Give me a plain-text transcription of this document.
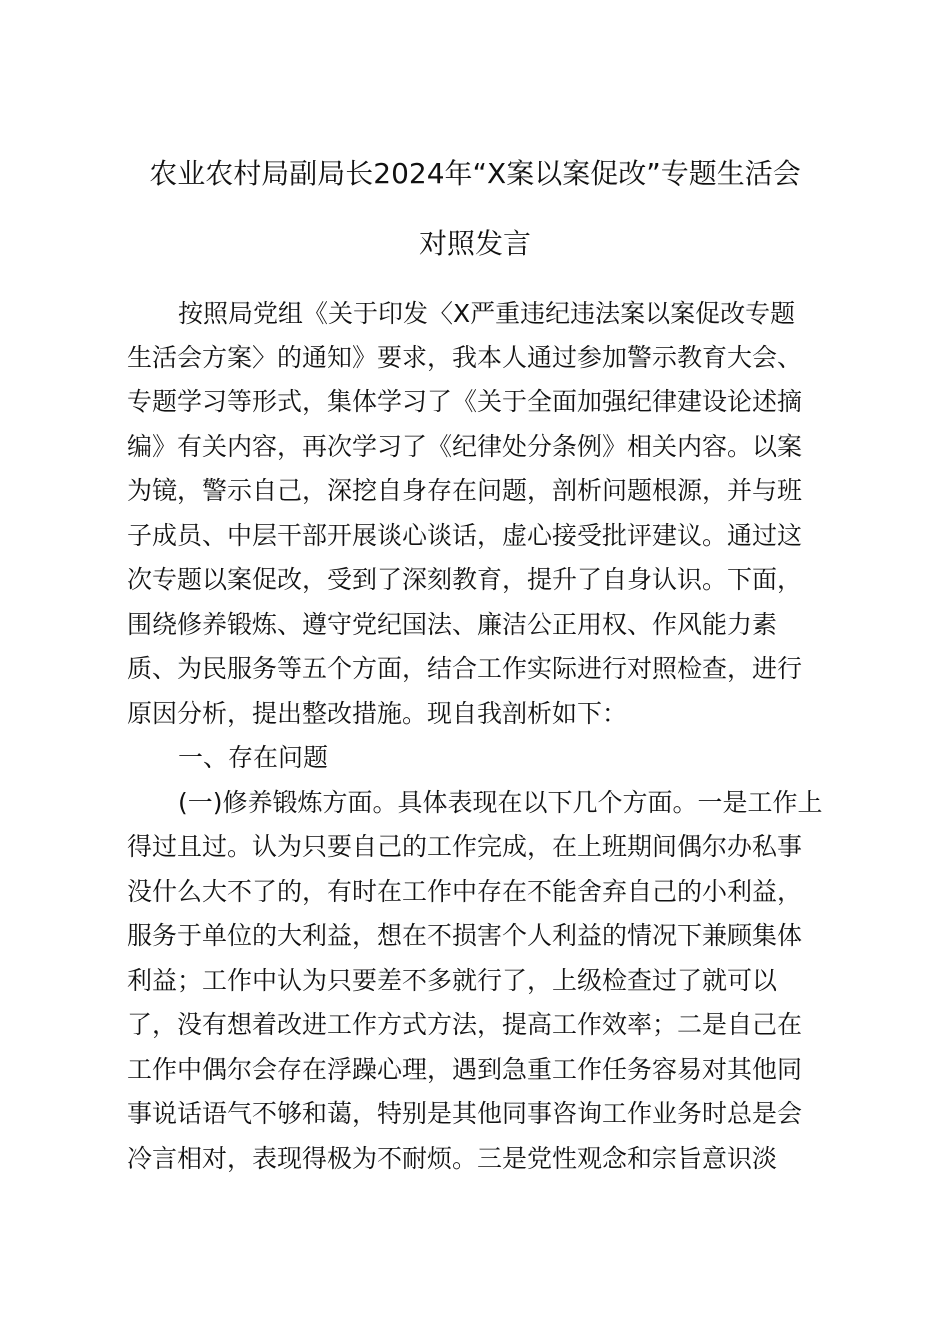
农业农村局副局长2024年“X案以案促改”专题生活会
对照发言

按照局党组《关于印发〈X严重违纪违法案以案促改专题

生活会方案〉的通知》要求，我本人通过参加警示教育大会、

专题学习等形式，集体学习了《关于全面加强纪律建设论述摘

编》有关内容，再次学习了《纪律处分条例》相关内容。以案

为镜，警示自己，深挖自身存在问题，剖析问题根源，并与班

子成员、中层干部开展谈心谈话，虚心接受批评建议。通过这

次专题以案促改，受到了深刻教育，提升了自身认识。下面，

围绕修养锻炼、遵守党纪国法、廉洁公正用权、作风能力素

质、为民服务等五个方面，结合工作实际进行对照检查，进行

原因分析，提出整改措施。现自我剖析如下：

一、存在问题

(一)修养锻炼方面。具体表现在以下几个方面。一是工作上

得过且过。认为只要自己的工作完成，在上班期间偶尔办私事

没什么大不了的，有时在工作中存在不能舍弃自己的小利益，

服务于单位的大利益，想在不损害个人利益的情况下兼顾集体

利益；工作中认为只要差不多就行了，上级检查过了就可以

了，没有想着改进工作方式方法，提高工作效率；二是自己在

工作中偶尔会存在浮躁心理，遇到急重工作任务容易对其他同

事说话语气不够和蔼，特别是其他同事咨询工作业务时总是会

冷言相对，表现得极为不耐烦。三是党性观念和宗旨意识淡
